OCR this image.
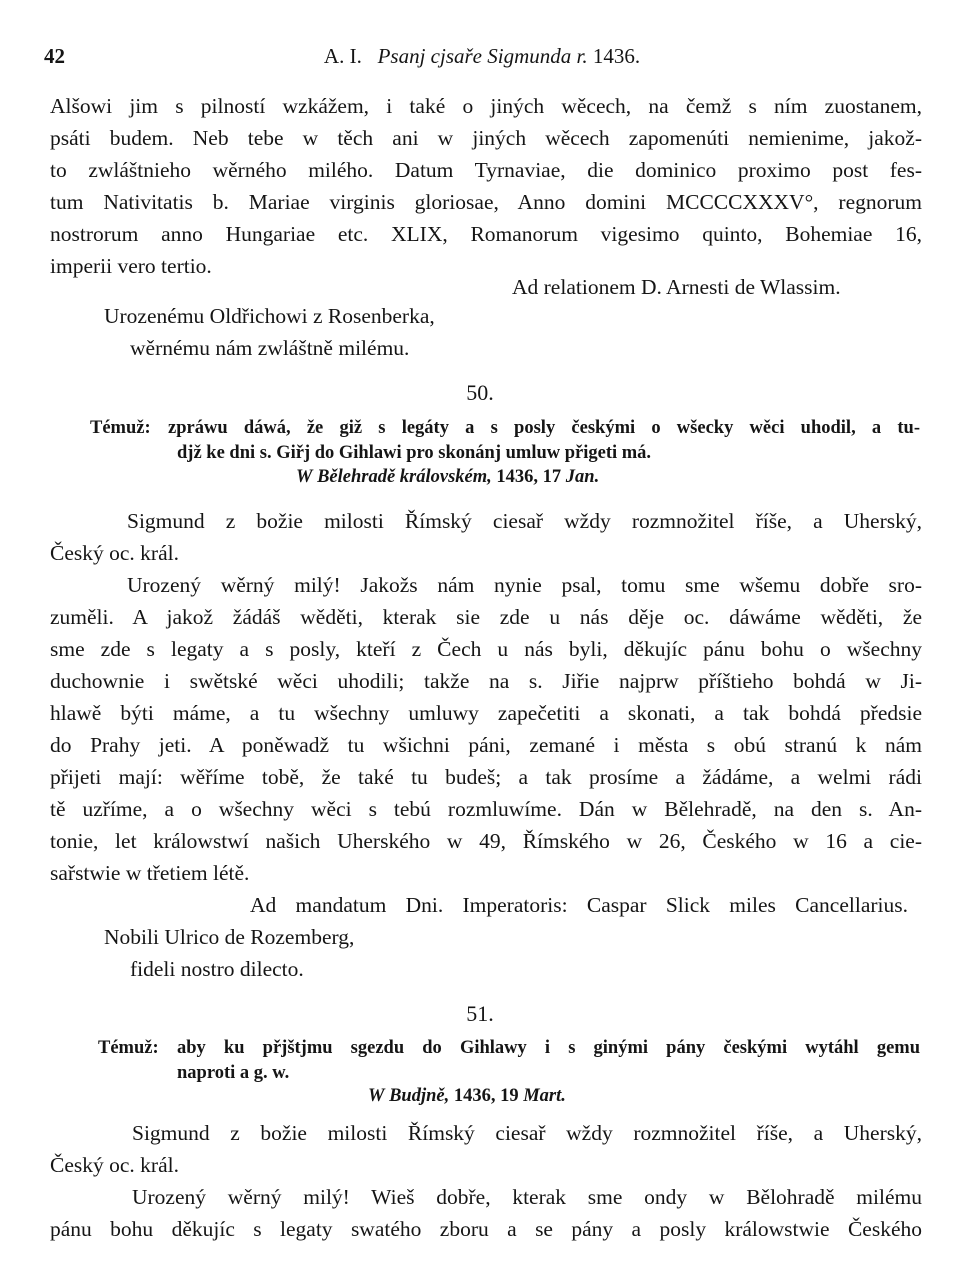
42	A. I. Psanj cjsaře Sigmunda r. 1436.
Alšowi jim s pilností wzkážem, i také o jiných wěcech, na čemž s ním zuostanem,
psáti budem. Neb tebe w těch ani w jiných wěcech zapomenúti nemienime, jakož-
to zwláštnieho wěrného milého. Datum Tyrnaviae, die dominico proximo post fes-
tum Nativitatis b. Mariae virginis gloriosae, Anno domini MCCCCXXXV°, regnorum
nostrorum anno Hungariae etc. XLIX, Romanorum vigesimo quinto, Bohemiae 16,
imperii vero tertio.
Ad relationem D. Arnesti de Wlassim.
Urozenému Oldřichowi z Rosenberka,
wěrnému nám zwláštně milému.
50.
Témuž: zpráwu dáwá, že giž s legáty a s posly českými o wšecky wěci uhodil, a tu-
djž ke dni s. Giřj do Gihlawi pro skonánj umluw přigeti má.
W Bělehradě královském, 1436, 17 Jan.
Sigmund z božie milosti Římský ciesař wždy rozmnožitel říše, a Uherský,
Český oc. král.
Urozený wěrný milý! Jakožs nám nynie psal, tomu sme wšemu dobře sro-
zuměli. A jakož žádáš wěděti, kterak sie zde u nás děje oc. dáwáme wěděti, že
sme zde s legaty a s posly, kteří z Čech u nás byli, děkujíc pánu bohu o wšechny
duchownie i swětské wěci uhodili; takže na s. Jiřie najprw příštieho bohdá w Ji-
hlawě býti máme, a tu wšechny umluwy zapečetiti a skonati, a tak bohdá předsie
do Prahy jeti. A poněwadž tu wšichni páni, zemané i města s obú stranú k nám
přijeti mají: wěříme tobě, že také tu budeš; a tak prosíme a žádáme, a welmi rádi
tě uzříme, a o wšechny wěci s tebú rozmluwíme. Dán w Bělehradě, na den s. An-
tonie, let králowstwí našich Uherského w 49, Římského w 26, Českého w 16 a cie-
sařstwie w třetiem létě.
Ad mandatum Dni. Imperatoris: Caspar Slick miles Cancellarius.
Nobili Ulrico de Rozemberg,
fideli nostro dilecto.
51.
Témuž: aby ku přjštjmu sgezdu do Gihlawy i s ginými pány českými wytáhl gemu
naproti a g. w.
W Budjně, 1436, 19 Mart.
Sigmund z božie milosti Římský ciesař wždy rozmnožitel říše, a Uherský,
Český oc. král.
Urozený wěrný milý! Wieš dobře, kterak sme ondy w Bělohradě milému
pánu bohu děkujíc s legaty swatého zboru a se pány a posly králowstwie Českého
